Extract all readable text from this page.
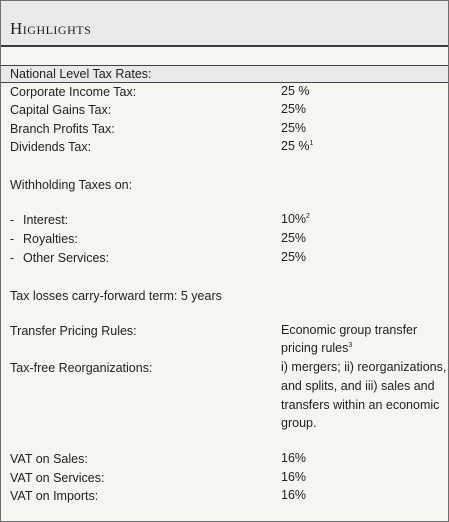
Highlights
National Level Tax Rates:
Corporate Income Tax:	25 %
Capital Gains Tax:	25%
Branch Profits Tax:	25%
Dividends Tax:	25 %$^1$
Withholding Taxes on:
- Interest:	10%$^2$
- Royalties:	25%
- Other Services:	25%
Tax losses carry-forward term: 5 years
Transfer Pricing Rules:	Economic group transfer
pricing rules$^3$
Tax-free Reorganizations:	i) mergers; ii) reorganizations,
and splits, and iii) sales and
transfers within an economic
group.
VAT on Sales:	16%
VAT on Services:	16%
VAT on Imports:	16%
